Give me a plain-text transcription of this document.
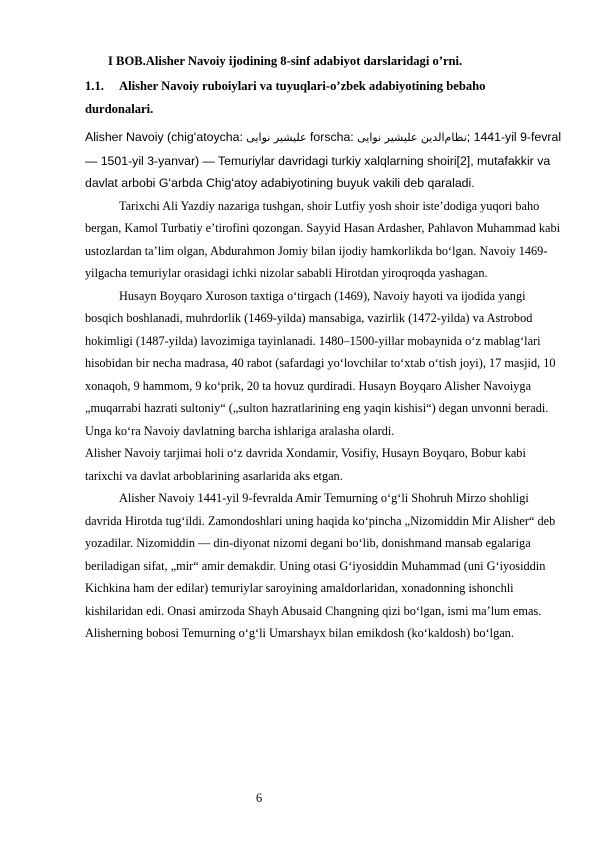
I BOB.Alisher Navoiy ijodining 8-sinf adabiyot darslaridagi o’rni.
1.1. Alisher Navoiy ruboiylari va tuyuqlari-o’zbek adabiyotining bebaho
durdonalari.

Alisher Navoiy (chigʻatoycha: علیشیر نوایی forscha: نظام‌الدین علیشیر نوایی; 1441-yil 9-fevral — 1501-yil 3-yanvar) — Temuriylar davridagi turkiy xalqlarning shoiri[2], mutafakkir va davlat arbobi Gʻarbda Chigʻatoy adabiyotining buyuk vakili deb qaraladi.

Tarixchi Ali Yazdiy nazariga tushgan, shoir Lutfiy yosh shoir isteʼdodiga yuqori baho bergan, Kamol Turbatiy eʼtirofini qozongan. Sayyid Hasan Ardasher, Pahlavon Muhammad kabi ustozlardan taʼlim olgan, Abdurahmon Jomiy bilan ijodiy hamkorlikda boʻlgan. Navoiy 1469-yilgacha temuriylar orasidagi ichki nizolar sababli Hirotdan yiroqroqda yashagan.

Husayn Boyqaro Xuroson taxtiga oʻtirgach (1469), Navoiy hayoti va ijodida yangi bosqich boshlanadi, muhrdorlik (1469-yilda) mansabiga, vazirlik (1472-yilda) va Astrobod hokimligi (1487-yilda) lavozimiga tayinlanadi. 1480–1500-yillar mobaynida oʻz mablagʻlari hisobidan bir necha madrasa, 40 rabot (safardagi yoʻlovchilar toʻxtab oʻtish joyi), 17 masjid, 10 xonaqoh, 9 hammom, 9 koʻprik, 20 ta hovuz qurdiradi. Husayn Boyqaro Alisher Navoiyga „muqarrabi hazrati sultoniy“ („sulton hazratlarining eng yaqin kishisi“) degan unvonni beradi. Unga koʻra Navoiy davlatning barcha ishlariga aralasha olardi.

Alisher Navoiy tarjimai holi oʻz davrida Xondamir, Vosifiy, Husayn Boyqaro, Bobur kabi tarixchi va davlat arboblarining asarlarida aks etgan.

Alisher Navoiy 1441-yil 9-fevralda Amir Temurning oʻgʻli Shohruh Mirzo shohligi davrida Hirotda tugʻildi. Zamondoshlari uning haqida koʻpincha „Nizomiddin Mir Alisher“ deb yozadilar. Nizomiddin — din-diyonat nizomi degani boʻlib, donishmand mansab egalariga beriladigan sifat, „mir“ amir demakdir. Uning otasi Gʻiyosiddin Muhammad (uni Gʻiyosiddin Kichkina ham der edilar) temuriylar saroyining amaldorlaridan, xonadonning ishonchli kishilaridan edi. Onasi amirzoda Shayh Abusaid Changning qizi boʻlgan, ismi maʼlum emas. Alisherning bobosi Temurning oʻgʻli Umarshayx bilan emikdosh (koʻkaldosh) boʻlgan.

6
